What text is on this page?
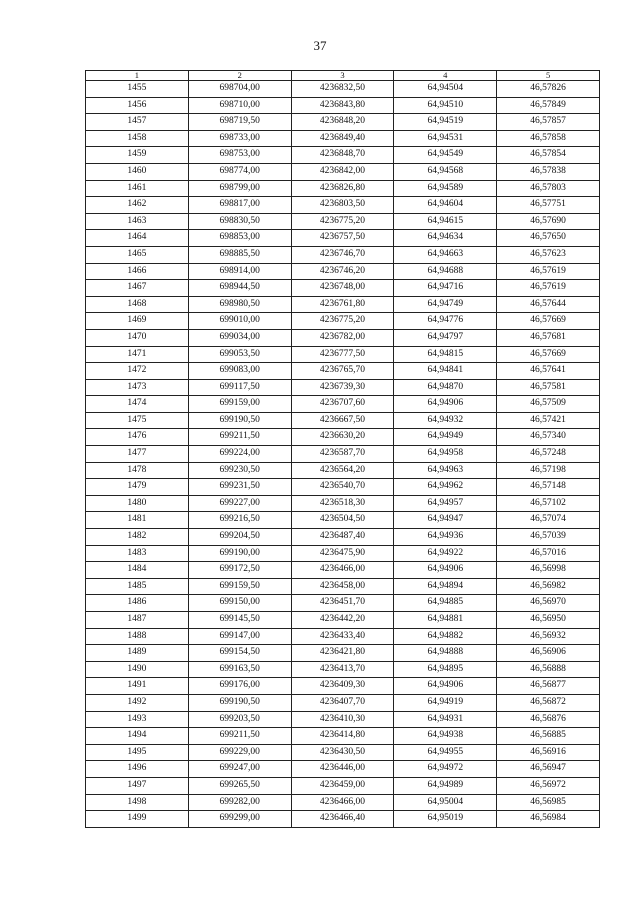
37
1	2	3	4	5
1455	698704,00	4236832,50	64,94504	46,57826
1456	698710,00	4236843,80	64,94510	46,57849
1457	698719,50	4236848,20	64,94519	46,57857
1458	698733,00	4236849,40	64,94531	46,57858
1459	698753,00	4236848,70	64,94549	46,57854
1460	698774,00	4236842,00	64,94568	46,57838
1461	698799,00	4236826,80	64,94589	46,57803
1462	698817,00	4236803,50	64,94604	46,57751
1463	698830,50	4236775,20	64,94615	46,57690
1464	698853,00	4236757,50	64,94634	46,57650
1465	698885,50	4236746,70	64,94663	46,57623
1466	698914,00	4236746,20	64,94688	46,57619
1467	698944,50	4236748,00	64,94716	46,57619
1468	698980,50	4236761,80	64,94749	46,57644
1469	699010,00	4236775,20	64,94776	46,57669
1470	699034,00	4236782,00	64,94797	46,57681
1471	699053,50	4236777,50	64,94815	46,57669
1472	699083,00	4236765,70	64,94841	46,57641
1473	699117,50	4236739,30	64,94870	46,57581
1474	699159,00	4236707,60	64,94906	46,57509
1475	699190,50	4236667,50	64,94932	46,57421
1476	699211,50	4236630,20	64,94949	46,57340
1477	699224,00	4236587,70	64,94958	46,57248
1478	699230,50	4236564,20	64,94963	46,57198
1479	699231,50	4236540,70	64,94962	46,57148
1480	699227,00	4236518,30	64,94957	46,57102
1481	699216,50	4236504,50	64,94947	46,57074
1482	699204,50	4236487,40	64,94936	46,57039
1483	699190,00	4236475,90	64,94922	46,57016
1484	699172,50	4236466,00	64,94906	46,56998
1485	699159,50	4236458,00	64,94894	46,56982
1486	699150,00	4236451,70	64,94885	46,56970
1487	699145,50	4236442,20	64,94881	46,56950
1488	699147,00	4236433,40	64,94882	46,56932
1489	699154,50	4236421,80	64,94888	46,56906
1490	699163,50	4236413,70	64,94895	46,56888
1491	699176,00	4236409,30	64,94906	46,56877
1492	699190,50	4236407,70	64,94919	46,56872
1493	699203,50	4236410,30	64,94931	46,56876
1494	699211,50	4236414,80	64,94938	46,56885
1495	699229,00	4236430,50	64,94955	46,56916
1496	699247,00	4236446,00	64,94972	46,56947
1497	699265,50	4236459,00	64,94989	46,56972
1498	699282,00	4236466,00	64,95004	46,56985
1499	699299,00	4236466,40	64,95019	46,56984
